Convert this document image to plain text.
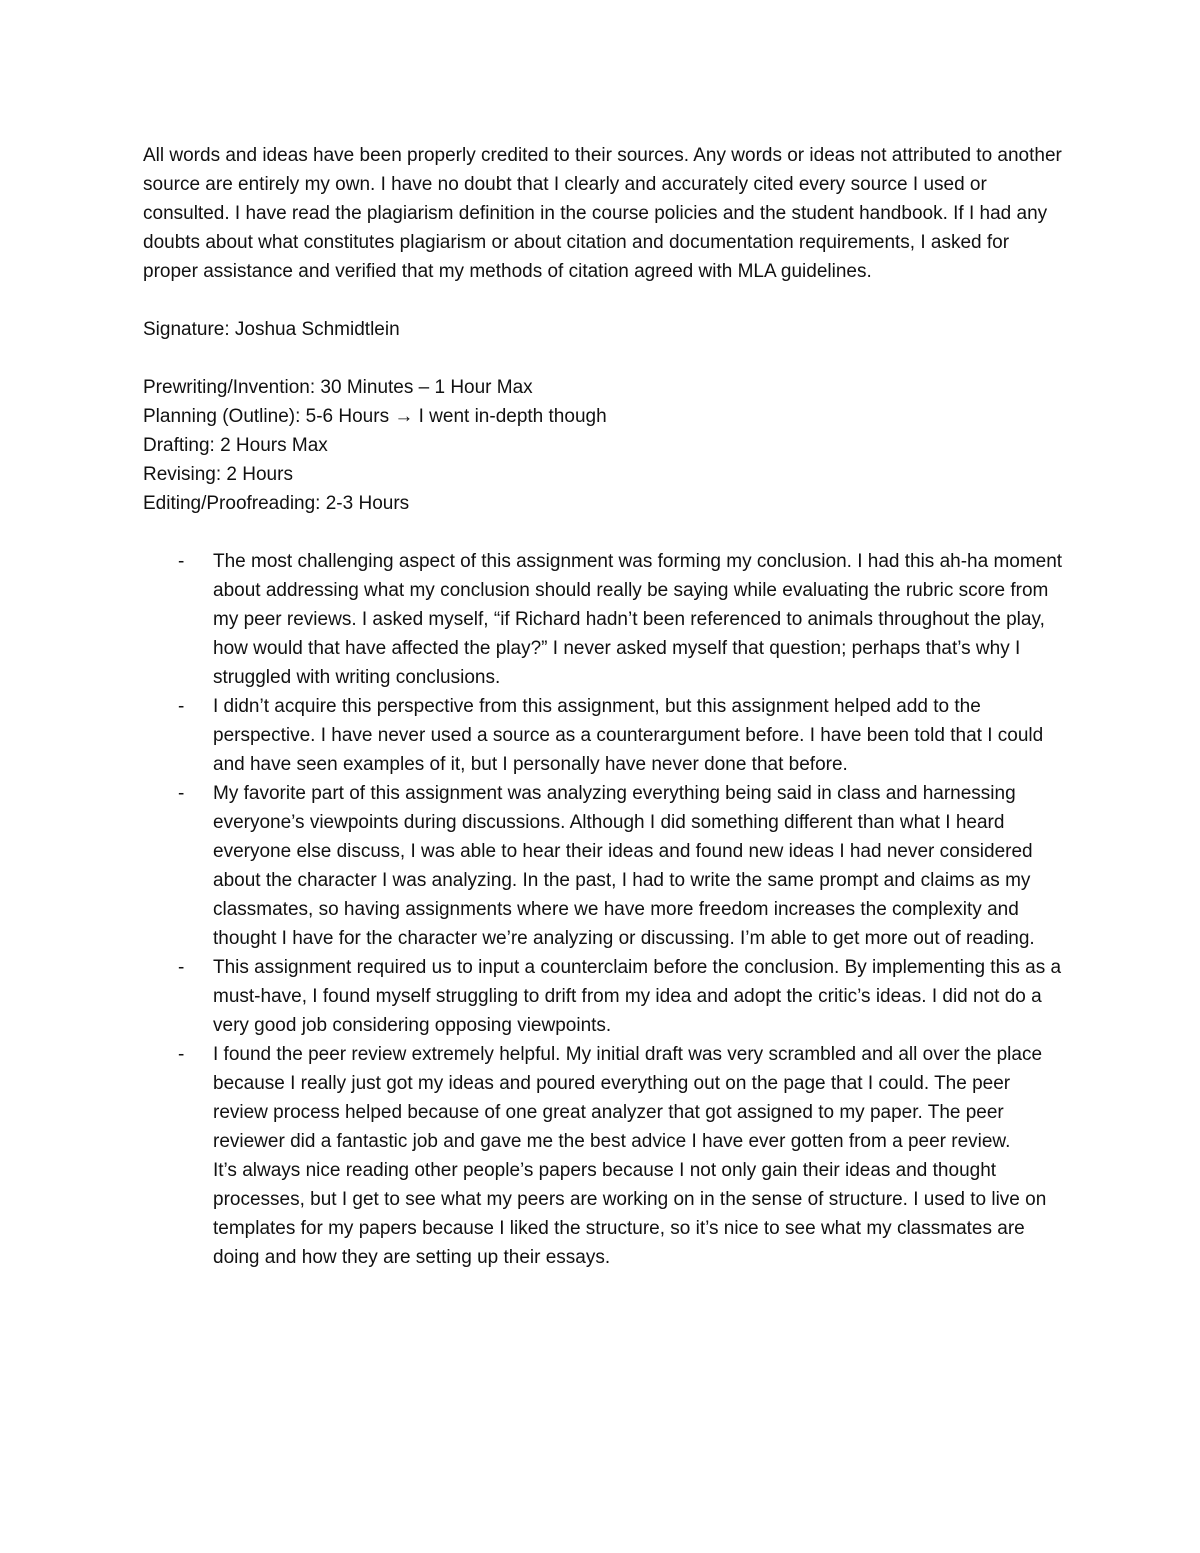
All words and ideas have been properly credited to their sources. Any words or ideas not attributed to another source are entirely my own. I have no doubt that I clearly and accurately cited every source I used or consulted. I have read the plagiarism definition in the course policies and the student handbook. If I had any doubts about what constitutes plagiarism or about citation and documentation requirements, I asked for proper assistance and verified that my methods of citation agreed with MLA guidelines.

Signature: Joshua Schmidtlein

Prewriting/Invention: 30 Minutes – 1 Hour Max

Planning (Outline): 5-6 Hours → I went in-depth though

Drafting: 2 Hours Max

Revising: 2 Hours

Editing/Proofreading: 2-3 Hours

- The most challenging aspect of this assignment was forming my conclusion. I had this ah-ha moment about addressing what my conclusion should really be saying while evaluating the rubric score from my peer reviews. I asked myself, “if Richard hadn’t been referenced to animals throughout the play, how would that have affected the play?” I never asked myself that question; perhaps that’s why I struggled with writing conclusions.
- I didn’t acquire this perspective from this assignment, but this assignment helped add to the perspective. I have never used a source as a counterargument before. I have been told that I could and have seen examples of it, but I personally have never done that before.
- My favorite part of this assignment was analyzing everything being said in class and harnessing everyone’s viewpoints during discussions. Although I did something different than what I heard everyone else discuss, I was able to hear their ideas and found new ideas I had never considered about the character I was analyzing. In the past, I had to write the same prompt and claims as my classmates, so having assignments where we have more freedom increases the complexity and thought I have for the character we’re analyzing or discussing. I’m able to get more out of reading.
- This assignment required us to input a counterclaim before the conclusion. By implementing this as a must-have, I found myself struggling to drift from my idea and adopt the critic’s ideas. I did not do a very good job considering opposing viewpoints.
- I found the peer review extremely helpful. My initial draft was very scrambled and all over the place because I really just got my ideas and poured everything out on the page that I could. The peer review process helped because of one great analyzer that got assigned to my paper. The peer reviewer did a fantastic job and gave me the best advice I have ever gotten from a peer review.

It’s always nice reading other people’s papers because I not only gain their ideas and thought processes, but I get to see what my peers are working on in the sense of structure. I used to live on templates for my papers because I liked the structure, so it’s nice to see what my classmates are doing and how they are setting up their essays.
